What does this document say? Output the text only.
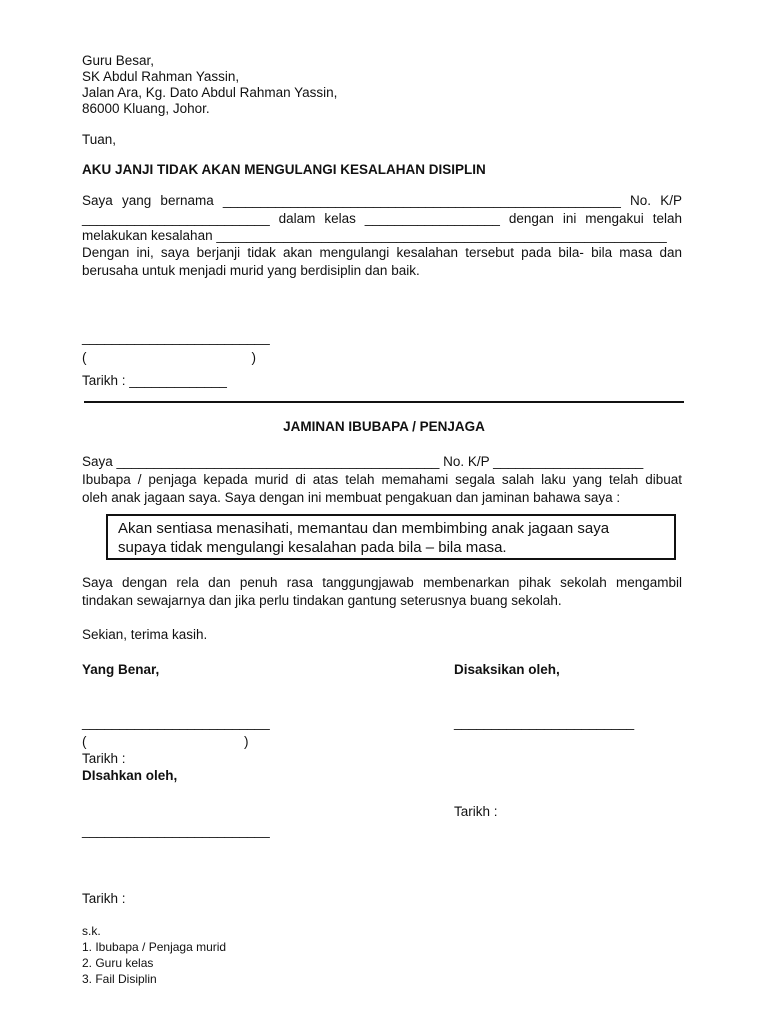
Guru Besar,
SK Abdul Rahman Yassin,
Jalan Ara, Kg. Dato Abdul Rahman Yassin,
86000 Kluang, Johor.
Tuan,
AKU JANJI TIDAK AKAN MENGULANGI KESALAHAN DISIPLIN
Saya yang bernama _____________________________________________________ No. K/P
_________________________ dalam kelas __________________ dengan ini mengakui telah
melakukan kesalahan ____________________________________________________________
Dengan ini, saya berjanji tidak akan mengulangi kesalahan tersebut pada bila- bila masa dan
berusaha untuk menjadi murid yang berdisiplin dan baik.
_________________________
(                                            )
Tarikh : _____________
JAMINAN IBUBAPA / PENJAGA
Saya ___________________________________________ No. K/P ____________________
Ibubapa / penjaga kepada murid di atas telah memahami segala salah laku yang telah dibuat
oleh anak jagaan saya. Saya dengan ini membuat pengakuan dan jaminan bahawa saya :
Akan sentiasa menasihati, memantau dan membimbing anak jagaan saya
supaya tidak mengulangi kesalahan pada bila – bila masa.
Saya dengan rela dan penuh rasa tanggungjawab membenarkan pihak sekolah mengambil
tindakan sewajarnya dan jika perlu tindakan gantung seterusnya buang sekolah.
Sekian, terima kasih.
Yang Benar,
_________________________
(                                          )
Tarikh :
Disaksikan oleh,
________________________
Tarikh :
DIsahkan oleh,
_________________________
Tarikh :
s.k.
1. Ibubapa / Penjaga murid
2. Guru kelas
3. Fail Disiplin
